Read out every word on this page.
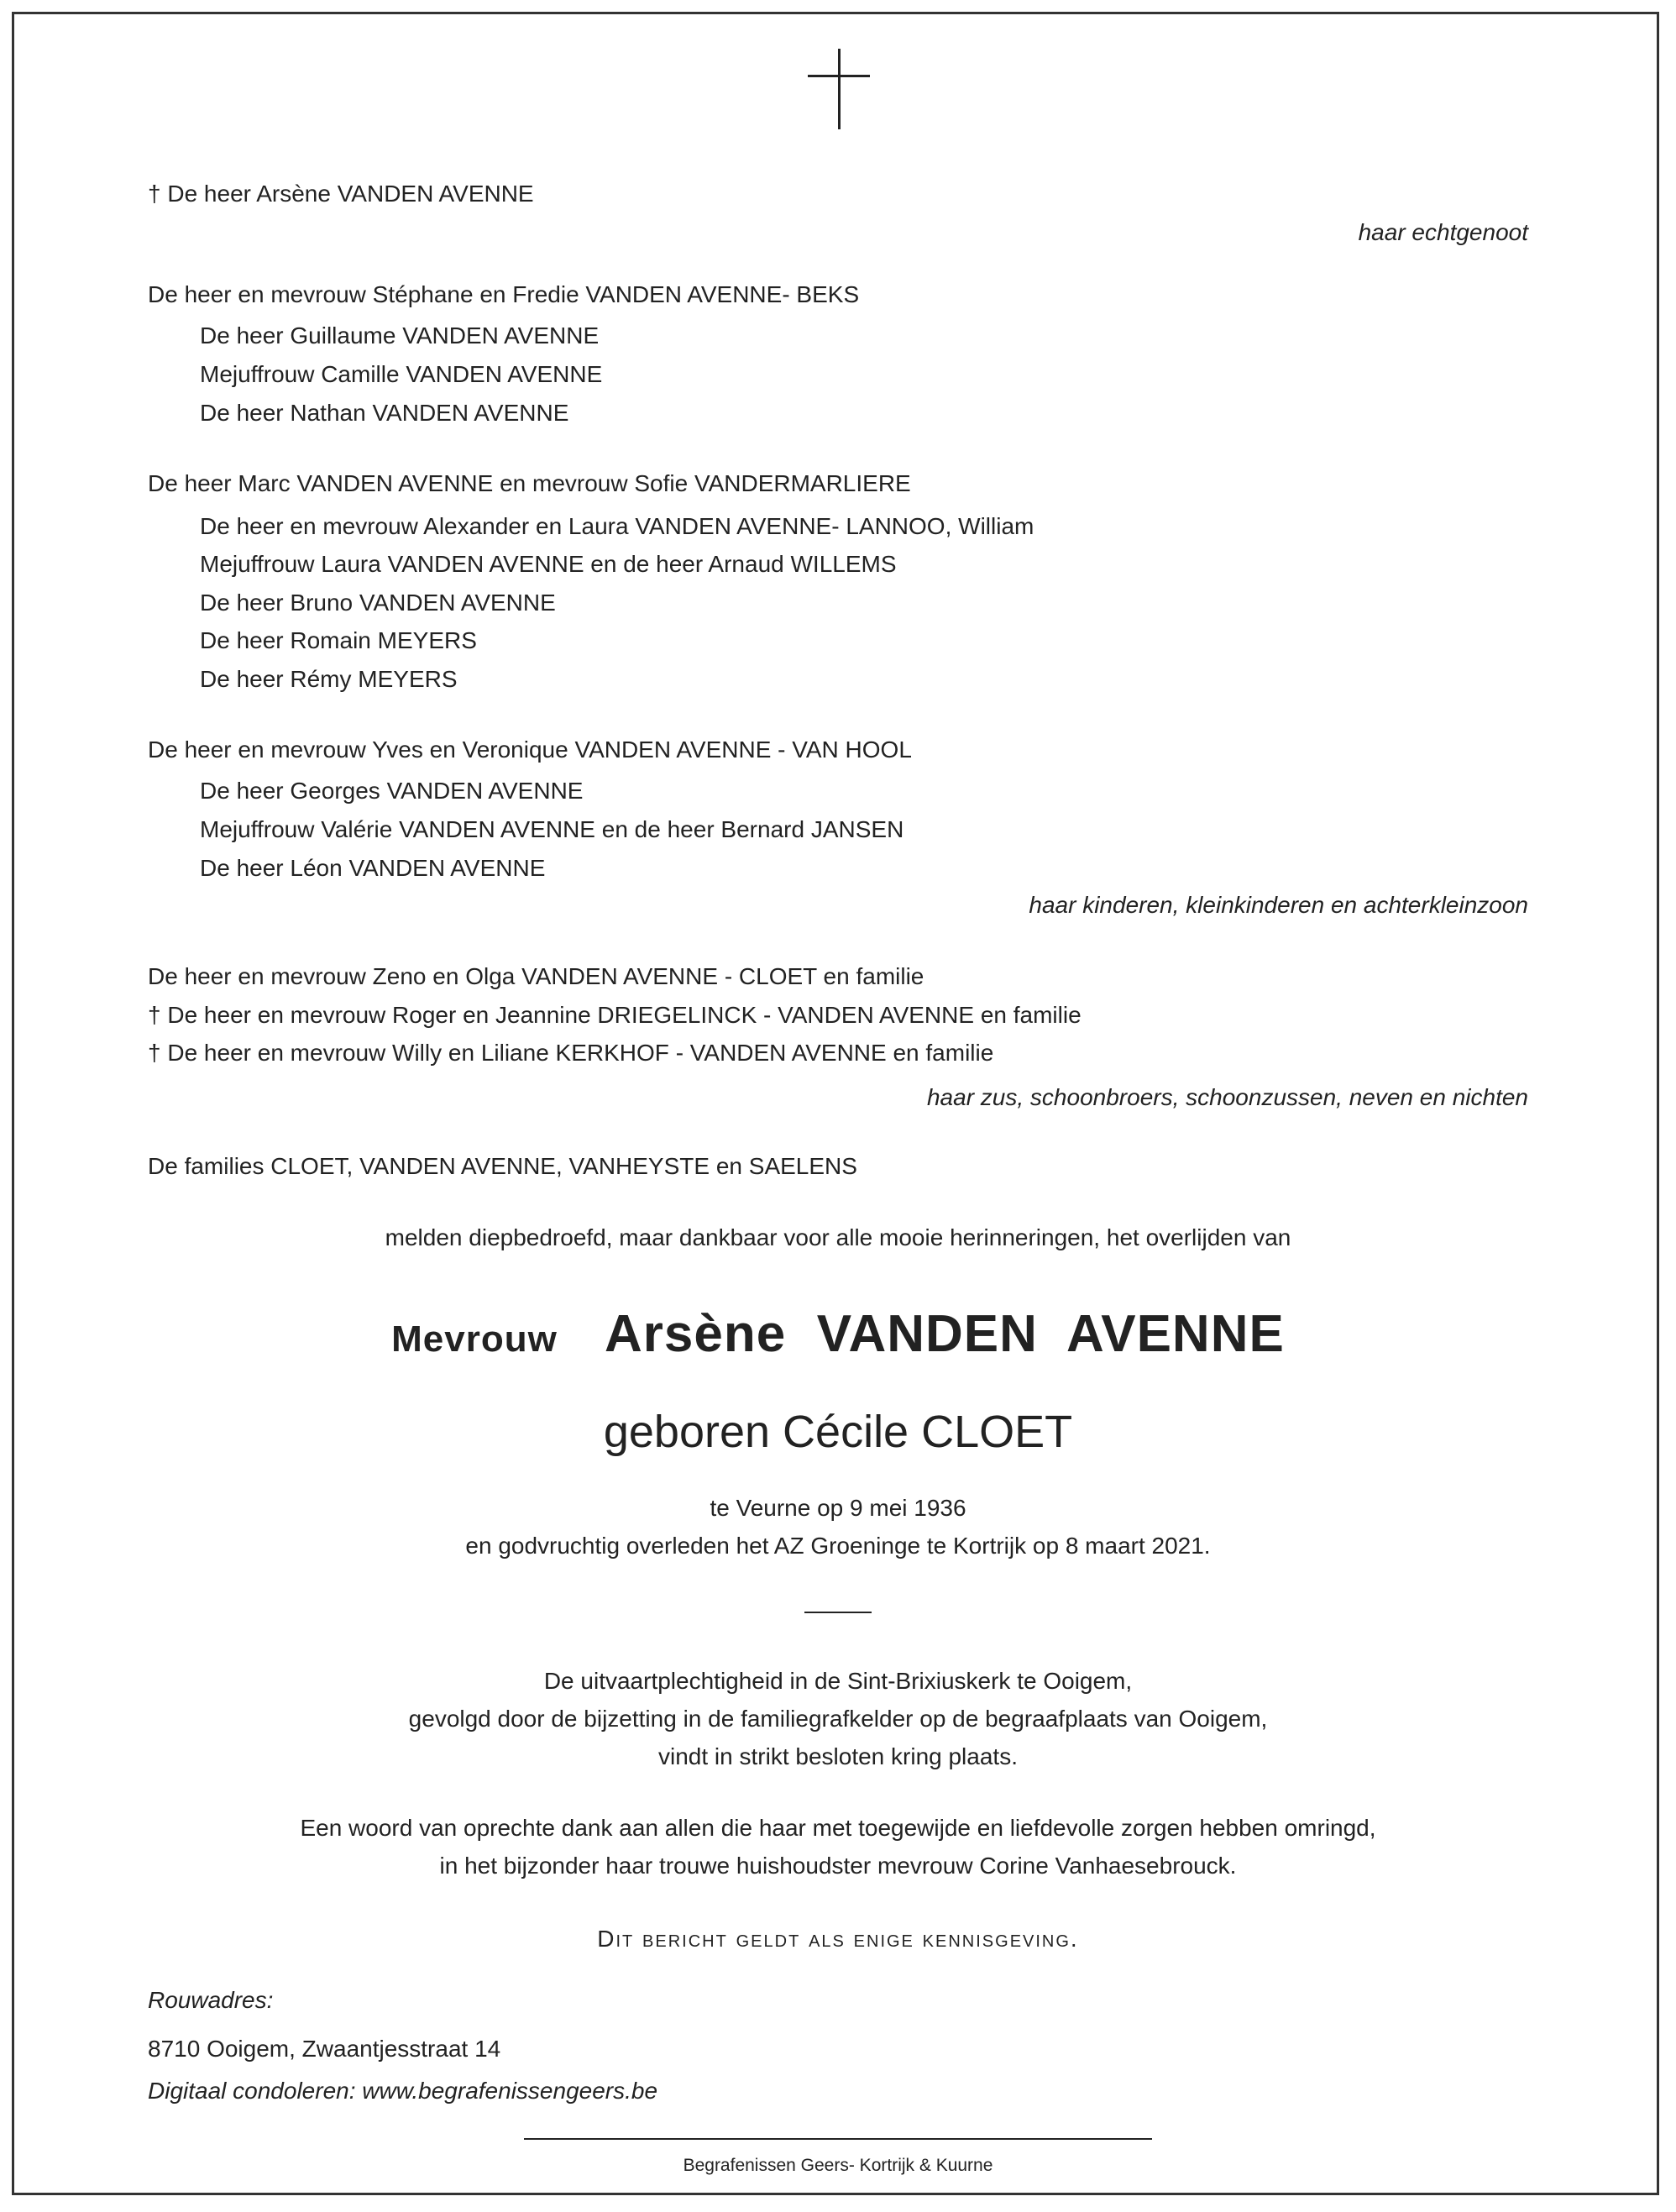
† De heer Arsène VANDEN AVENNE
haar echtgenoot
De heer en mevrouw Stéphane en Fredie VANDEN AVENNE- BEKS
De heer Guillaume VANDEN AVENNE
Mejuffrouw Camille VANDEN AVENNE
De heer Nathan VANDEN AVENNE
De heer Marc VANDEN AVENNE en mevrouw Sofie VANDERMARLIERE
De heer en mevrouw Alexander en Laura VANDEN AVENNE- LANNOO, William
Mejuffrouw Laura VANDEN AVENNE en de heer Arnaud WILLEMS
De heer Bruno VANDEN AVENNE
De heer Romain MEYERS
De heer Rémy MEYERS
De heer en mevrouw Yves en Veronique VANDEN AVENNE - VAN HOOL
De heer Georges VANDEN AVENNE
Mejuffrouw Valérie VANDEN AVENNE en de heer Bernard JANSEN
De heer Léon VANDEN AVENNE
haar kinderen, kleinkinderen en achterkleinzoon
De heer en mevrouw Zeno en Olga VANDEN AVENNE - CLOET en familie
† De heer en mevrouw Roger en Jeannine DRIEGELINCK - VANDEN AVENNE en familie
† De heer en mevrouw Willy en Liliane KERKHOF - VANDEN AVENNE en familie
haar zus, schoonbroers, schoonzussen, neven en nichten
De families CLOET, VANDEN AVENNE, VANHEYSTE en SAELENS
melden diepbedroefd, maar dankbaar voor alle mooie herinneringen, het overlijden van
Mevrouw Arsène  VANDEN  AVENNE
geboren Cécile CLOET
te Veurne op 9 mei 1936
en godvruchtig overleden het AZ Groeninge te Kortrijk op 8 maart 2021.
De uitvaartplechtigheid in de Sint-Brixiuskerk te Ooigem,
gevolgd door de bijzetting in de familiegrafkelder op de begraafplaats van Ooigem,
vindt in strikt besloten kring plaats.
Een woord van oprechte dank aan allen die haar met toegewijde en liefdevolle zorgen hebben omringd,
in het bijzonder haar trouwe huishoudster mevrouw Corine Vanhaesebrouck.
Dit bericht geldt als enige kennisgeving.
Rouwadres:
8710 Ooigem, Zwaantjesstraat 14
Digitaal condoleren: www.begrafenissengeers.be
Begrafenissen Geers- Kortrijk & Kuurne
